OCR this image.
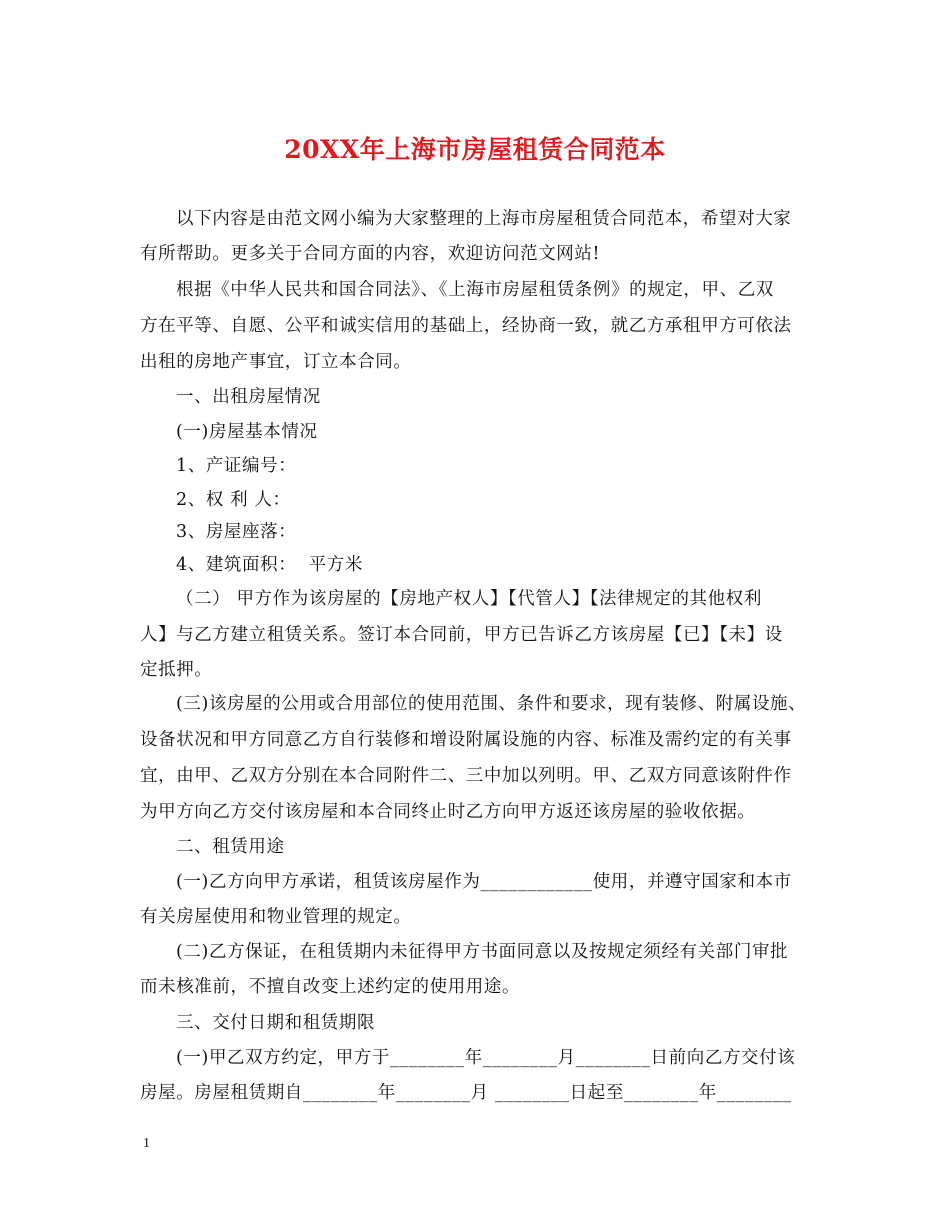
20XX年上海市房屋租赁合同范本
以下内容是由范文网小编为大家整理的上海市房屋租赁合同范本，希望对大家
有所帮助。更多关于合同方面的内容，欢迎访问范文网站!
根据《中华人民共和国合同法》、《上海市房屋租赁条例》的规定，甲、乙双
方在平等、自愿、公平和诚实信用的基础上，经协商一致，就乙方承租甲方可依法
出租的房地产事宜，订立本合同。
一、出租房屋情况
(一)房屋基本情况
1、产证编号：
2、权 利 人：
3、房屋座落：
4、建筑面积：  平方米
（二） 甲方作为该房屋的【房地产权人】【代管人】【法律规定的其他权利
人】与乙方建立租赁关系。签订本合同前，甲方已告诉乙方该房屋【已】【未】设
定抵押。
(三)该房屋的公用或合用部位的使用范围、条件和要求，现有装修、附属设施、
设备状况和甲方同意乙方自行装修和增设附属设施的内容、标准及需约定的有关事
宜，由甲、乙双方分别在本合同附件二、三中加以列明。甲、乙双方同意该附件作
为甲方向乙方交付该房屋和本合同终止时乙方向甲方返还该房屋的验收依据。
二、租赁用途
(一)乙方向甲方承诺，租赁该房屋作为____________使用，并遵守国家和本市
有关房屋使用和物业管理的规定。
(二)乙方保证，在租赁期内未征得甲方书面同意以及按规定须经有关部门审批
而未核准前，不擅自改变上述约定的使用用途。
三、交付日期和租赁期限
(一)甲乙双方约定，甲方于________年________月________日前向乙方交付该
房屋。房屋租赁期自________年________月 ________日起至________年________
1
